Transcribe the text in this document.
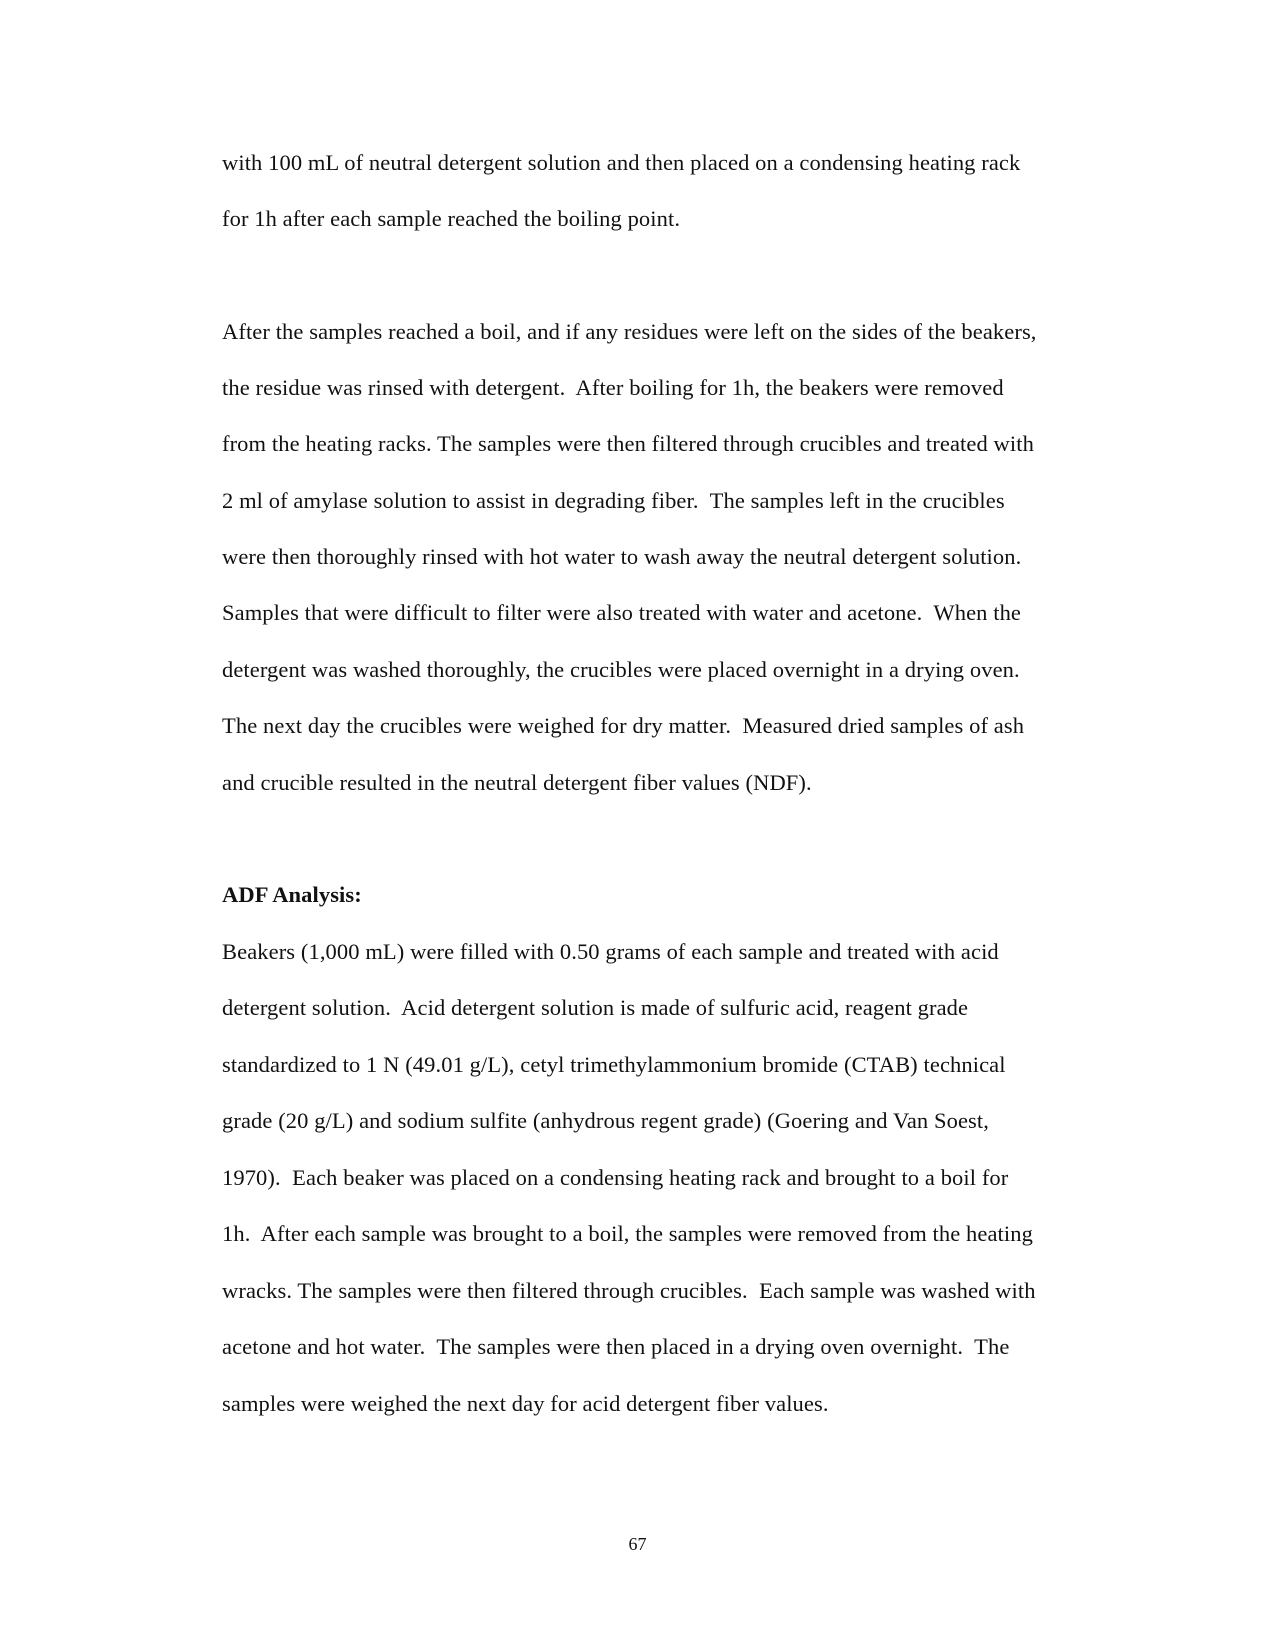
with 100 mL of neutral detergent solution and then placed on a condensing heating rack
for 1h after each sample reached the boiling point.
After the samples reached a boil, and if any residues were left on the sides of the beakers,
the residue was rinsed with detergent.  After boiling for 1h, the beakers were removed
from the heating racks. The samples were then filtered through crucibles and treated with
2 ml of amylase solution to assist in degrading fiber.  The samples left in the crucibles
were then thoroughly rinsed with hot water to wash away the neutral detergent solution.
Samples that were difficult to filter were also treated with water and acetone.  When the
detergent was washed thoroughly, the crucibles were placed overnight in a drying oven.
The next day the crucibles were weighed for dry matter.  Measured dried samples of ash
and crucible resulted in the neutral detergent fiber values (NDF).
ADF Analysis:
Beakers (1,000 mL) were filled with 0.50 grams of each sample and treated with acid
detergent solution.  Acid detergent solution is made of sulfuric acid, reagent grade
standardized to 1 N (49.01 g/L), cetyl trimethylammonium bromide (CTAB) technical
grade (20 g/L) and sodium sulfite (anhydrous regent grade) (Goering and Van Soest,
1970).  Each beaker was placed on a condensing heating rack and brought to a boil for
1h.  After each sample was brought to a boil, the samples were removed from the heating
wracks. The samples were then filtered through crucibles.  Each sample was washed with
acetone and hot water.  The samples were then placed in a drying oven overnight.  The
samples were weighed the next day for acid detergent fiber values.
67
